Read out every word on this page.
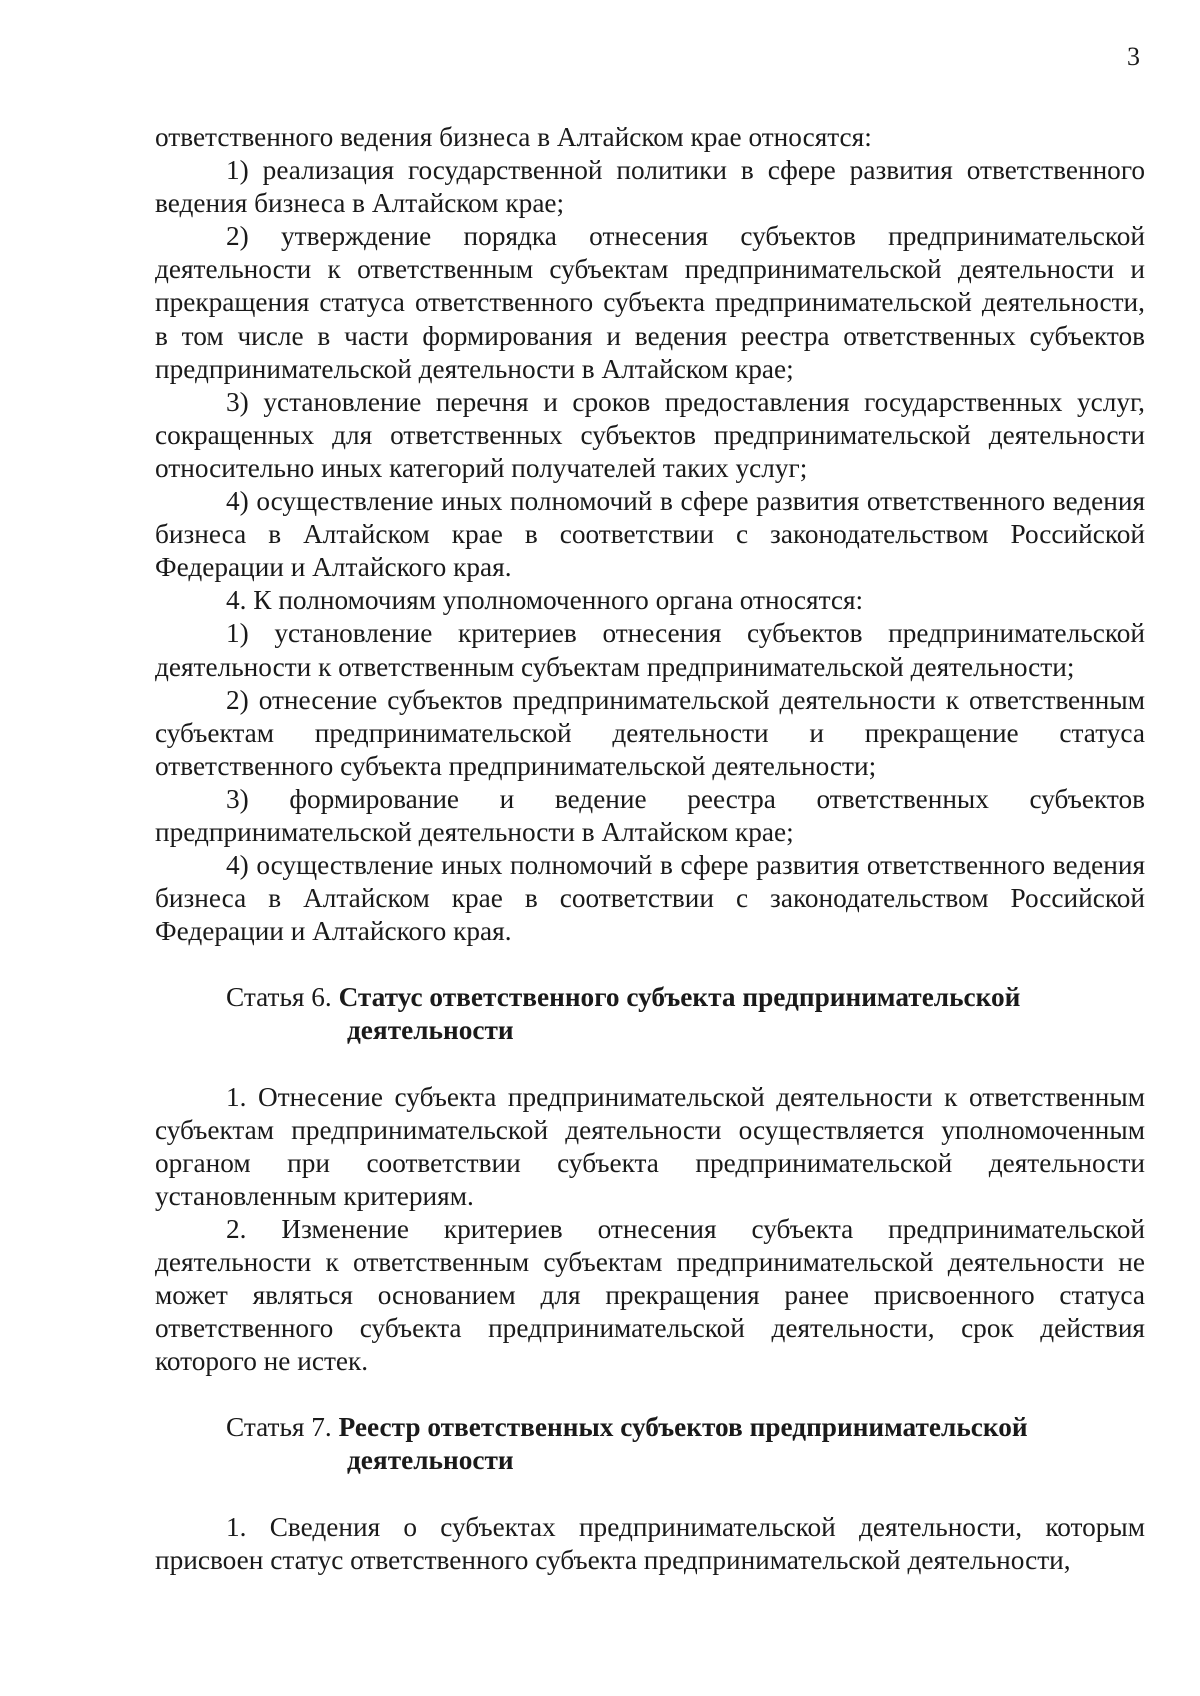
3

ответственного ведения бизнеса в Алтайском крае относятся:

1) реализация государственной политики в сфере развития ответственного ведения бизнеса в Алтайском крае;

2) утверждение порядка отнесения субъектов предпринимательской деятельности к ответственным субъектам предпринимательской деятельности и прекращения статуса ответственного субъекта предпринимательской деятельности, в том числе в части формирования и ведения реестра ответственных субъектов предпринимательской деятельности в Алтайском крае;

3) установление перечня и сроков предоставления государственных услуг, сокращенных для ответственных субъектов предпринимательской деятельности относительно иных категорий получателей таких услуг;

4) осуществление иных полномочий в сфере развития ответственного ведения бизнеса в Алтайском крае в соответствии с законодательством Российской Федерации и Алтайского края.

4. К полномочиям уполномоченного органа относятся:

1) установление критериев отнесения субъектов предпринимательской деятельности к ответственным субъектам предпринимательской деятельности;

2) отнесение субъектов предпринимательской деятельности к ответственным субъектам предпринимательской деятельности и прекращение статуса ответственного субъекта предпринимательской деятельности;

3) формирование и ведение реестра ответственных субъектов предпринимательской деятельности в Алтайском крае;

4) осуществление иных полномочий в сфере развития ответственного ведения бизнеса в Алтайском крае в соответствии с законодательством Российской Федерации и Алтайского края.

Статья 6. Статус ответственного субъекта предпринимательской
деятельности

1. Отнесение субъекта предпринимательской деятельности к ответственным субъектам предпринимательской деятельности осуществляется уполномоченным органом при соответствии субъекта предпринимательской деятельности установленным критериям.

2. Изменение критериев отнесения субъекта предпринимательской деятельности к ответственным субъектам предпринимательской деятельности не может являться основанием для прекращения ранее присвоенного статуса ответственного субъекта предпринимательской деятельности, срок действия которого не истек.

Статья 7. Реестр ответственных субъектов предпринимательской
деятельности

1. Сведения о субъектах предпринимательской деятельности, которым присвоен статус ответственного субъекта предпринимательской деятельности,
